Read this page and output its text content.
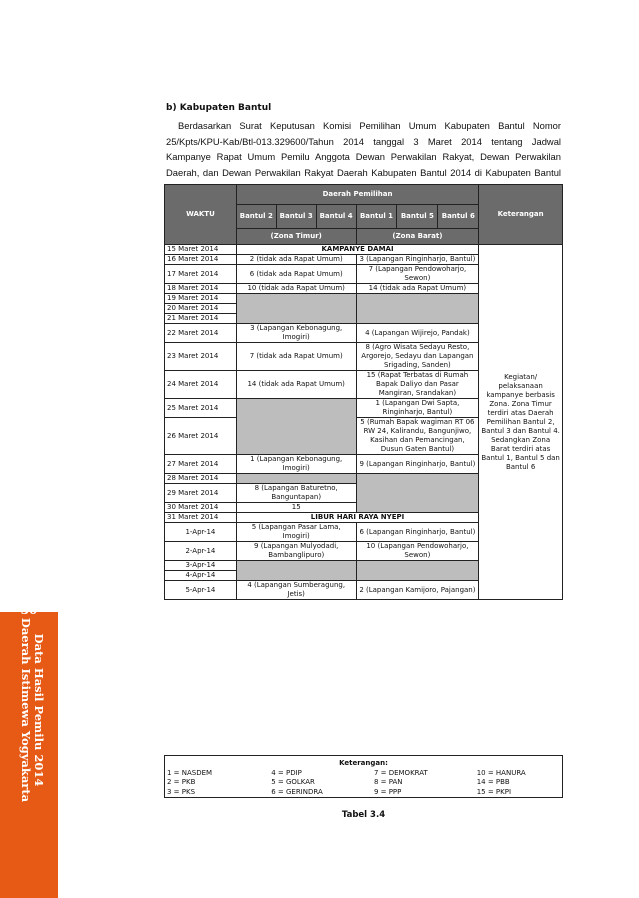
30
Data Hasil Pemilu 2014
Daerah Istimewa Yogyakarta
b) Kabupaten Bantul
Berdasarkan Surat Keputusan Komisi Pemilihan Umum Kabupaten Bantul Nomor 25/Kpts/KPU-Kab/Btl-013.329600/Tahun 2014 tanggal 3 Maret 2014 tentang Jadwal Kampanye Rapat Umum Pemilu Anggota Dewan Perwakilan Rakyat, Dewan Perwakilan Daerah, dan Dewan Perwakilan Rakyat Daerah Kabupaten Bantul 2014 di Kabupaten Bantul
WAKTU	Daerah Pemilihan						Keterangan
	Bantul 2	Bantul 3	Bantul 4	Bantul 1	Bantul 5	Bantul 6	
	(Zona Timur)			(Zona Barat)			
15 Maret 2014	KAMPANYE DAMAI						Kegiatan/ pelaksanaan kampanye berbasis Zona. Zona Timur terdiri atas Daerah Pemilihan Bantul 2, Bantul 3 dan Bantul 4. Sedangkan Zona Barat terdiri atas Bantul 1, Bantul 5 dan Bantul 6
16 Maret 2014	2 (tidak ada Rapat Umum)			3 (Lapangan Ringinharjo, Bantul)			
17 Maret 2014	6 (tidak ada Rapat Umum)			7 (Lapangan Pendowoharjo, Sewon)			
18 Maret 2014	10 (tidak ada Rapat Umum)			14 (tidak ada Rapat Umum)			
19 Maret 2014							
20 Maret 2014							
21 Maret 2014							
22 Maret 2014	3 (Lapangan Kebonagung, Imogiri)			4 (Lapangan Wijirejo, Pandak)			
23 Maret 2014	7 (tidak ada Rapat Umum)			8 (Agro Wisata Sedayu Resto, Argorejo, Sedayu dan Lapangan Srigading, Sanden)			
24 Maret 2014	14 (tidak ada Rapat Umum)			15 (Rapat Terbatas di Rumah Bapak Daliyo dan Pasar Mangiran, Srandakan)			
25 Maret 2014				1 (Lapangan Dwi Sapta, Ringinharjo, Bantul)			
26 Maret 2014				5 (Rumah Bapak wagiman RT 06 RW 24, Kalirandu, Bangunjiwo, Kasihan dan Pemancingan, Dusun Gaten Bantul)			
27 Maret 2014	1 (Lapangan Kebonagung, Imogiri)			9 (Lapangan Ringinharjo, Bantul)			
28 Maret 2014							
29 Maret 2014	8 (Lapangan Baturetno, Banguntapan)						
30 Maret 2014	15						
31 Maret 2014	LIBUR HARI RAYA NYEPI						
1-Apr-14	5 (Lapangan Pasar Lama, Imogiri)			6 (Lapangan Ringinharjo, Bantul)			
2-Apr-14	9 (Lapangan Mulyodadi, Bambanglipuro)			10 (Lapangan Pendowoharjo, Sewon)			
3-Apr-14							
4-Apr-14							
5-Apr-14	4 (Lapangan Sumberagung, Jetis)			2 (Lapangan Kamijoro, Pajangan)			
Keterangan:			
1 = NASDEM	4 = PDIP	7 = DEMOKRAT	10 = HANURA
2 = PKB	5 = GOLKAR	8 = PAN	14 = PBB
3 = PKS	6 = GERINDRA	9 = PPP	15 = PKPI
Tabel 3.4
